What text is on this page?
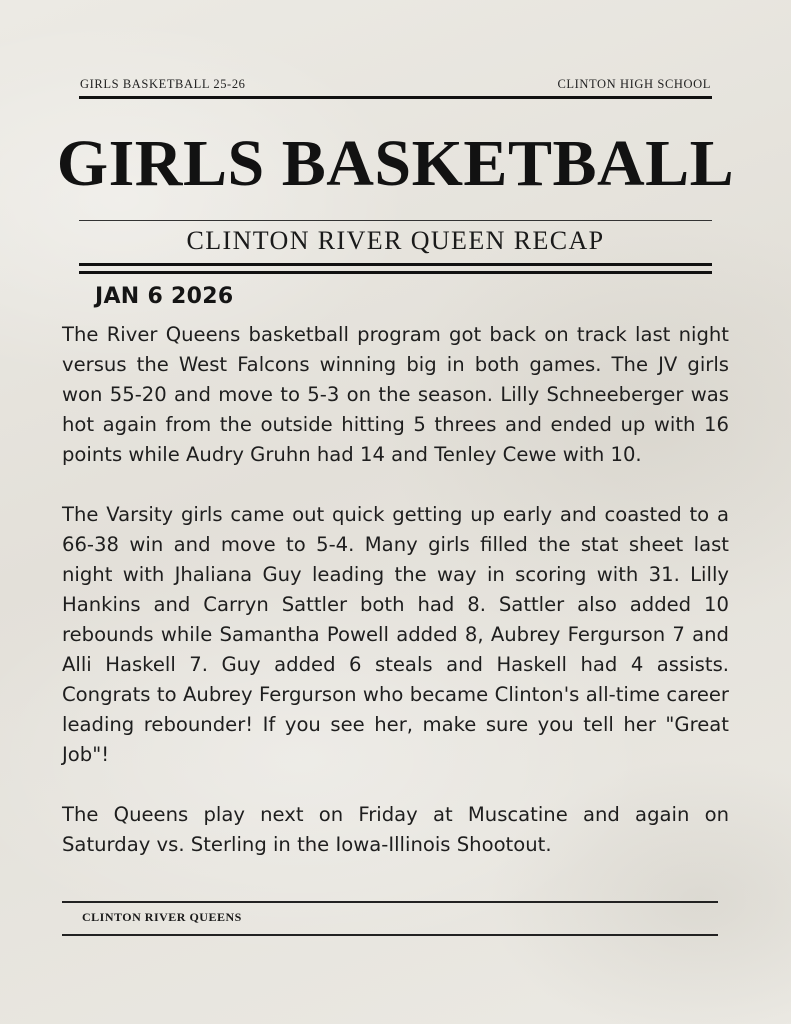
GIRLS BASKETBALL 25-26	CLINTON HIGH SCHOOL
GIRLS BASKETBALL
CLINTON RIVER QUEEN RECAP
JAN 6 2026

The River Queens basketball program got back on track last night versus the West Falcons winning big in both games. The JV girls won 55-20 and move to 5-3 on the season. Lilly Schneeberger was hot again from the outside hitting 5 threes and ended up with 16 points while Audry Gruhn had 14 and Tenley Cewe with 10.

The Varsity girls came out quick getting up early and coasted to a 66-38 win and move to 5-4. Many girls filled the stat sheet last night with Jhaliana Guy leading the way in scoring with 31. Lilly Hankins and Carryn Sattler both had 8. Sattler also added 10 rebounds while Samantha Powell added 8, Aubrey Fergurson 7 and Alli Haskell 7. Guy added 6 steals and Haskell had 4 assists. Congrats to Aubrey Fergurson who became Clinton's all-time career leading rebounder! If you see her, make sure you tell her "Great Job"!

The Queens play next on Friday at Muscatine and again on Saturday vs. Sterling in the Iowa-Illinois Shootout.

CLINTON RIVER QUEENS
